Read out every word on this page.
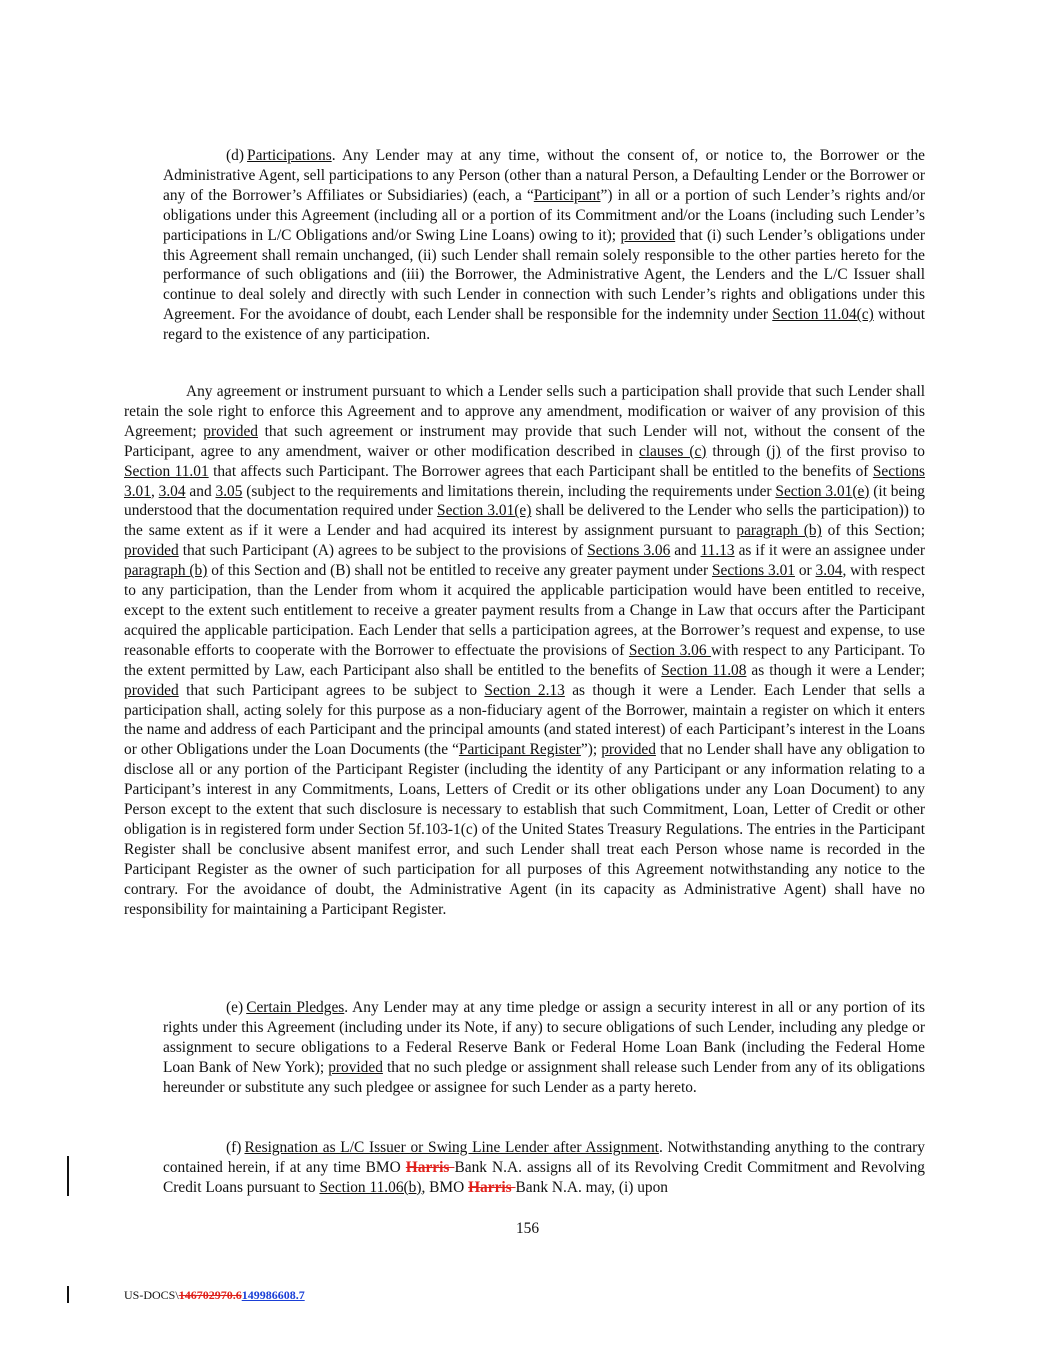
(d)  Participations. Any Lender may at any time, without the consent of, or notice to, the Borrower or the Administrative Agent, sell participations to any Person (other than a natural Person, a Defaulting Lender or the Borrower or any of the Borrower’s Affiliates or Subsidiaries) (each, a “Participant”) in all or a portion of such Lender’s rights and/or obligations under this Agreement (including all or a portion of its Commitment and/or the Loans (including such Lender’s participations in L/C Obligations and/or Swing Line Loans) owing to it); provided that (i) such Lender’s obligations under this Agreement shall remain unchanged, (ii) such Lender shall remain solely responsible to the other parties hereto for the performance of such obligations and (iii) the Borrower, the Administrative Agent, the Lenders and the L/C Issuer shall continue to deal solely and directly with such Lender in connection with such Lender’s rights and obligations under this Agreement. For the avoidance of doubt, each Lender shall be responsible for the indemnity under Section 11.04(c) without regard to the existence of any participation.

Any agreement or instrument pursuant to which a Lender sells such a participation shall provide that such Lender shall retain the sole right to enforce this Agreement and to approve any amendment, modification or waiver of any provision of this Agreement; provided that such agreement or instrument may provide that such Lender will not, without the consent of the Participant, agree to any amendment, waiver or other modification described in clauses (c) through (j) of the first proviso to Section 11.01 that affects such Participant. The Borrower agrees that each Participant shall be entitled to the benefits of Sections 3.01, 3.04 and 3.05 (subject to the requirements and limitations therein, including the requirements under Section 3.01(e) (it being understood that the documentation required under Section 3.01(e) shall be delivered to the Lender who sells the participation)) to the same extent as if it were a Lender and had acquired its interest by assignment pursuant to paragraph (b) of this Section; provided that such Participant (A) agrees to be subject to the provisions of Sections 3.06 and 11.13 as if it were an assignee under paragraph (b) of this Section and (B) shall not be entitled to receive any greater payment under Sections 3.01 or 3.04, with respect to any participation, than the Lender from whom it acquired the applicable participation would have been entitled to receive, except to the extent such entitlement to receive a greater payment results from a Change in Law that occurs after the Participant acquired the applicable participation. Each Lender that sells a participation agrees, at the Borrower’s request and expense, to use reasonable efforts to cooperate with the Borrower to effectuate the provisions of Section 3.06 with respect to any Participant. To the extent permitted by Law, each Participant also shall be entitled to the benefits of Section 11.08 as though it were a Lender; provided that such Participant agrees to be subject to Section 2.13 as though it were a Lender. Each Lender that sells a participation shall, acting solely for this purpose as a non-fiduciary agent of the Borrower, maintain a register on which it enters the name and address of each Participant and the principal amounts (and stated interest) of each Participant’s interest in the Loans or other Obligations under the Loan Documents (the “Participant Register”); provided that no Lender shall have any obligation to disclose all or any portion of the Participant Register (including the identity of any Participant or any information relating to a Participant’s interest in any Commitments, Loans, Letters of Credit or its other obligations under any Loan Document) to any Person except to the extent that such disclosure is necessary to establish that such Commitment, Loan, Letter of Credit or other obligation is in registered form under Section 5f.103-1(c) of the United States Treasury Regulations. The entries in the Participant Register shall be conclusive absent manifest error, and such Lender shall treat each Person whose name is recorded in the Participant Register as the owner of such participation for all purposes of this Agreement notwithstanding any notice to the contrary. For the avoidance of doubt, the Administrative Agent (in its capacity as Administrative Agent) shall have no responsibility for maintaining a Participant Register.

(e)  Certain Pledges. Any Lender may at any time pledge or assign a security interest in all or any portion of its rights under this Agreement (including under its Note, if any) to secure obligations of such Lender, including any pledge or assignment to secure obligations to a Federal Reserve Bank or Federal Home Loan Bank (including the Federal Home Loan Bank of New York); provided that no such pledge or assignment shall release such Lender from any of its obligations hereunder or substitute any such pledgee or assignee for such Lender as a party hereto.

(f)  Resignation as L/C Issuer or Swing Line Lender after Assignment. Notwithstanding anything to the contrary contained herein, if at any time BMO Harris Bank N.A. assigns all of its Revolving Credit Commitment and Revolving Credit Loans pursuant to Section 11.06(b), BMO Harris Bank N.A. may, (i) upon

156
US-DOCS\146702970.6149986608.7
